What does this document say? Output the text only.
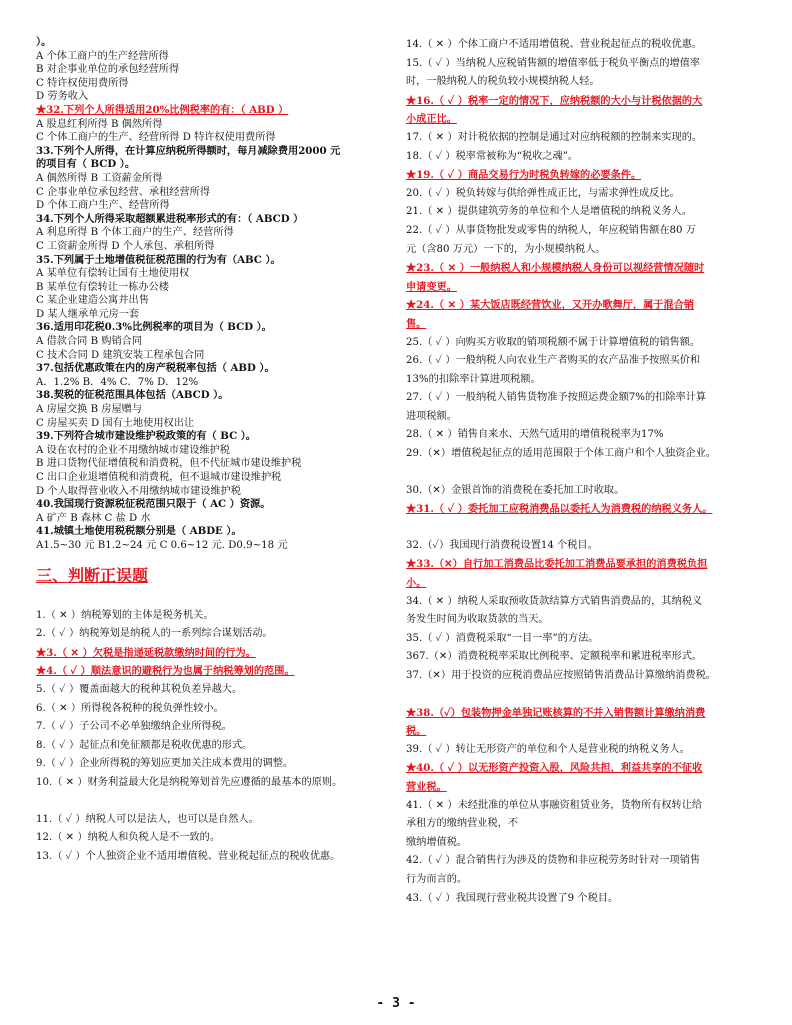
）。
A 个体工商户的生产经营所得
B 对企事业单位的承包经营所得
C 特许权使用费所得
D 劳务收入
★32.下列个人所得适用20%比例税率的有：（ ABD ）
A 股息红利所得 B 偶然所得
C 个体工商户的生产、经营所得 D 特许权使用费所得
33.下列个人所得，在计算应纳税所得额时，每月减除费用2000 元
的项目有（ BCD ）。
A 偶然所得 B 工资薪金所得
C 企事业单位承包经营、承租经营所得
D 个体工商户生产、经营所得
34.下列个人所得采取超额累进税率形式的有：（ ABCD ）
A 利息所得 B 个体工商户的生产、经营所得
C 工资薪金所得 D 个人承包、承租所得
35.下列属于土地增值税征税范围的行为有（ABC ）。
A 某单位有偿转让国有土地使用权
B 某单位有偿转让一栋办公楼
C 某企业建造公寓并出售
D 某人继承单元房一套
36.适用印花税0.3%比例税率的项目为（ BCD ）。
A 借款合同 B 购销合同
C 技术合同 D 建筑安装工程承包合同
37.包括优惠政策在内的房产税税率包括（ ABD ）。
A．1.2% B．4% C．7% D．12%
38.契税的征税范围具体包括（ABCD ）。
A 房屋交换 B 房屋赠与
C 房屋买卖 D 国有土地使用权出让
39.下列符合城市建设维护税政策的有（ BC ）。
A 设在农村的企业不用缴纳城市建设维护税
B 进口货物代征增值税和消费税，但不代征城市建设维护税
C 出口企业退增值税和消费税，但不退城市建设维护税
D 个人取得营业收入不用缴纳城市建设维护税
40.我国现行资源税征税范围只限于（ AC ）资源。
A 矿产 B 森林 C 盐 D 水
41.城镇土地使用税税额分别是（ ABDE ）。
A1.5~30 元 B1.2~24 元 C 0.6~12 元. D0.9~18 元
三、判断正误题
1.（ ✕ ）纳税筹划的主体是税务机关。
2.（ ✓ ）纳税筹划是纳税人的一系列综合谋划活动。
★3.（ ✕ ）欠税是指递延税款缴纳时间的行为。
★4.（ ✓ ）顺法意识的避税行为也属于纳税筹划的范围。
5.（ ✓ ）覆盖面越大的税种其税负差异越大。
6.（ ✕ ）所得税各税种的税负弹性较小。
7.（ ✓ ）子公司不必单独缴纳企业所得税。
8.（ ✓ ）起征点和免征额都是税收优惠的形式。
9.（ ✓ ）企业所得税的筹划应更加关注成本费用的调整。
10.（ ✕ ）财务利益最大化是纳税筹划首先应遵循的最基本的原则。
11.（ ✓ ）纳税人可以是法人，也可以是自然人。
12.（ ✕ ）纳税人和负税人是不一致的。
13.（ ✓ ）个人独资企业不适用增值税、营业税起征点的税收优惠。
14.（ ✕ ）个体工商户不适用增值税、营业税起征点的税收优惠。
15.（ ✓ ）当纳税人应税销售额的增值率低于税负平衡点的增值率
时，一般纳税人的税负较小规模纳税人轻。
★16.（ ✓ ）税率一定的情况下，应纳税额的大小与计税依据的大
小成正比。
17.（ ✕ ）对计税依据的控制是通过对应纳税额的控制来实现的。
18.（ ✓ ）税率常被称为“税收之魂”。
★19.（ ✓ ）商品交易行为时税负转嫁的必要条件。
20.（ ✓ ）税负转嫁与供给弹性成正比，与需求弹性成反比。
21.（ ✕ ）提供建筑劳务的单位和个人是增值税的纳税义务人。
22.（ ✓ ）从事货物批发或零售的纳税人，年应税销售额在80 万
元（含80 万元）一下的，为小规模纳税人。
★23.（ ✕ ）一般纳税人和小规模纳税人身份可以视经营情况随时
申请变更。
★24.（ ✕ ）某大饭店既经营饮业，又开办歌舞厅，属于混合销
售。
25.（ ✓ ）向购买方收取的销项税额不属于计算增值税的销售额。
26.（ ✓ ）一般纳税人向农业生产者购买的农产品准予按照买价和
13%的扣除率计算进项税额。
27.（ ✓ ）一般纳税人销售货物准予按照运费金额7%的扣除率计算
进项税额。
28.（ ✕ ）销售自来水、天然气适用的增值税税率为17%
29.（✕）增值税起征点的适用范围限于个体工商户和个人独资企业。
30.（✕）金银首饰的消费税在委托加工时收取。
★31.（ ✓ ）委托加工应税消费品以委托人为消费税的纳税义务人。
32.（✓）我国现行消费税设置14 个税目。
★33.（✕）自行加工消费品比委托加工消费品要承担的消费税负担
小。
34.（ ✕ ）纳税人采取预收货款结算方式销售消费品的，其纳税义
务发生时间为收取货款的当天。
35.（ ✓ ）消费税采取“一目一率”的方法。
367.（✕）消费税税率采取比例税率、定额税率和累进税率形式。
37.（✕）用于投资的应税消费品应按照销售消费品计算缴纳消费税。
★38.（✓）包装物押金单独记账核算的不并入销售额计算缴纳消费
税。
39.（ ✓ ）转让无形资产的单位和个人是营业税的纳税义务人。
★40.（ ✓ ）以无形资产投资入股，风险共担，利益共享的不征收
营业税。
41.（ ✕ ）未经批准的单位从事融资租赁业务，货物所有权转让给
承租方的缴纳营业税，不
缴纳增值税。
42.（ ✓ ）混合销售行为涉及的货物和非应税劳务时针对一项销售
行为而言的。
43.（ ✓ ）我国现行营业税共设置了9 个税目。
- 3 -
